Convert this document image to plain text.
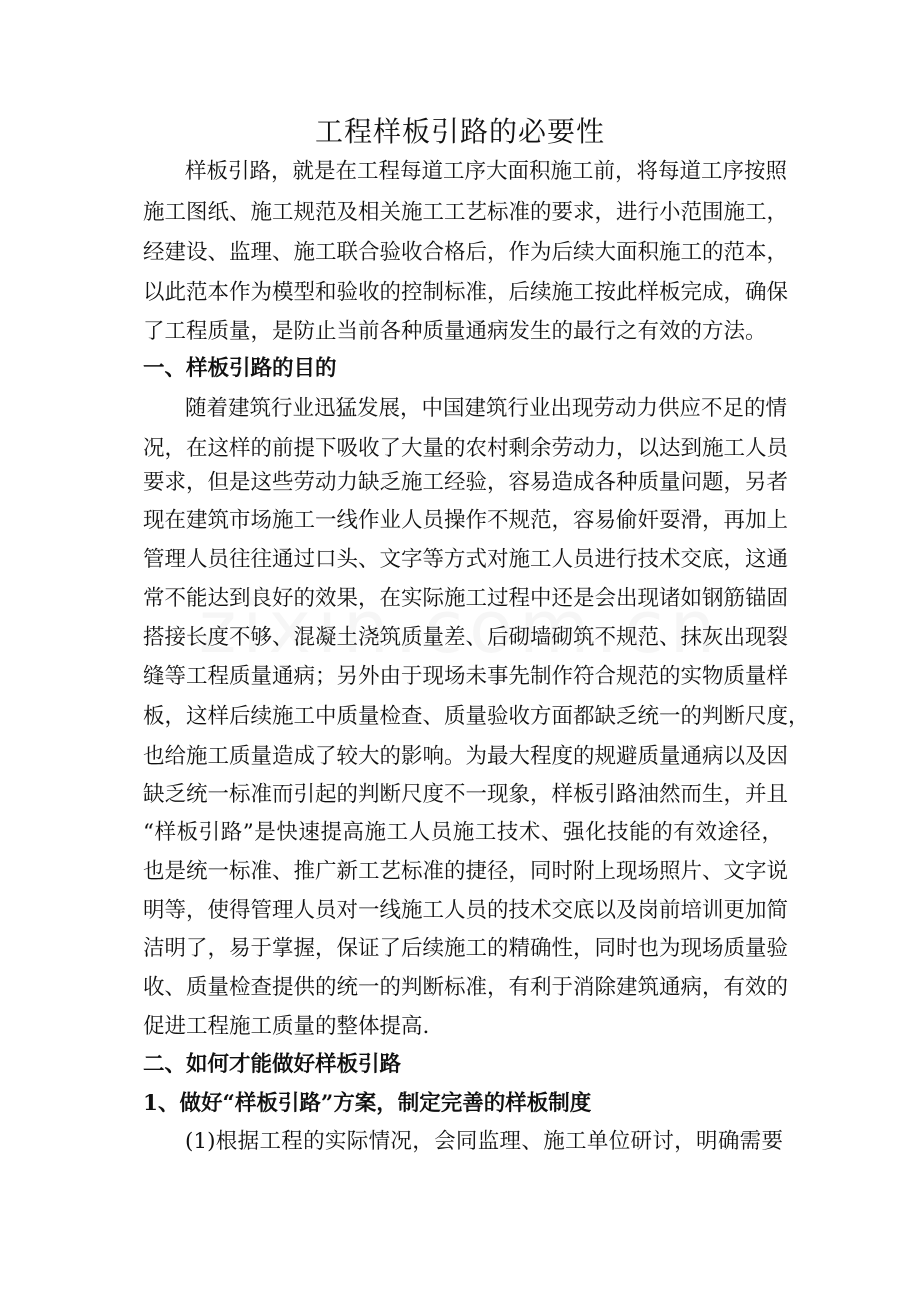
工程样板引路的必要性
样板引路，就是在工程每道工序大面积施工前，将每道工序按照
施工图纸、施工规范及相关施工工艺标准的要求，进行小范围施工，
经建设、监理、施工联合验收合格后，作为后续大面积施工的范本，
以此范本作为模型和验收的控制标准，后续施工按此样板完成，确保
了工程质量，是防止当前各种质量通病发生的最行之有效的方法。
一、样板引路的目的
随着建筑行业迅猛发展，中国建筑行业出现劳动力供应不足的情
况，在这样的前提下吸收了大量的农村剩余劳动力，以达到施工人员
要求，但是这些劳动力缺乏施工经验，容易造成各种质量问题，另者
现在建筑市场施工一线作业人员操作不规范，容易偷奸耍滑，再加上
管理人员往往通过口头、文字等方式对施工人员进行技术交底，这通
常不能达到良好的效果，在实际施工过程中还是会出现诸如钢筋锚固
搭接长度不够、混凝土浇筑质量差、后砌墙砌筑不规范、抹灰出现裂
缝等工程质量通病；另外由于现场未事先制作符合规范的实物质量样
板，这样后续施工中质量检查、质量验收方面都缺乏统一的判断尺度，
也给施工质量造成了较大的影响。为最大程度的规避质量通病以及因
缺乏统一标准而引起的判断尺度不一现象，样板引路油然而生，并且
“样板引路”是快速提高施工人员施工技术、强化技能的有效途径，
也是统一标准、推广新工艺标准的捷径，同时附上现场照片、文字说
明等，使得管理人员对一线施工人员的技术交底以及岗前培训更加简
洁明了，易于掌握，保证了后续施工的精确性，同时也为现场质量验
收、质量检查提供的统一的判断标准，有利于消除建筑通病，有效的
促进工程施工质量的整体提高.
二、如何才能做好样板引路
1、做好“样板引路”方案，制定完善的样板制度
(1)根据工程的实际情况，会同监理、施工单位研讨，明确需要
